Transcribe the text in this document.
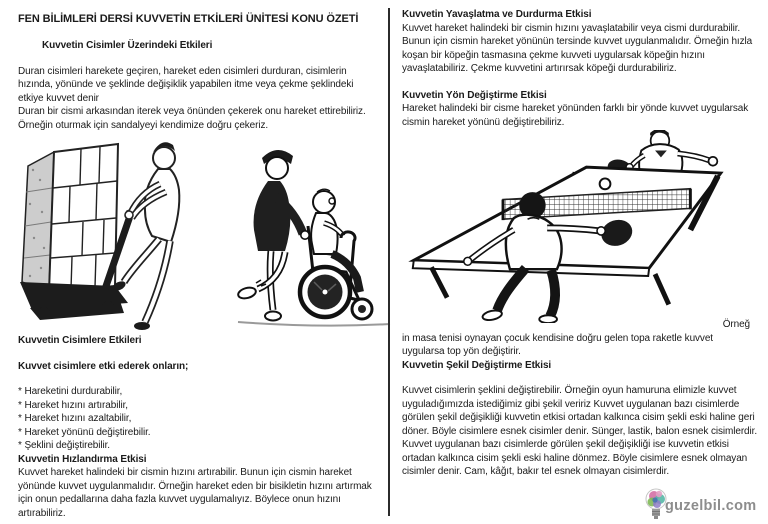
FEN BİLİMLERİ DERSİ KUVVETİN ETKİLERİ ÜNİTESİ KONU ÖZETİ

Kuvvetin Cisimler Üzerindeki Etkileri

Duran cisimleri harekete geçiren, hareket eden cisimleri durduran, cisimlerin hızında, yönünde ve şeklinde değişiklik yapabilen itme veya çekme şeklindeki etkiye kuvvet denir

Duran bir cismi arkasından iterek veya önünden çekerek onu hareket ettirebiliriz. Örneğin oturmak için sandalyeyi kendimize doğru çekeriz.

Kuvvetin Cisimlere Etkileri

Kuvvet cisimlere etki ederek onların;

* Hareketini durdurabilir,
* Hareket hızını artırabilir,
* Hareket hızını azaltabilir,
* Hareket yönünü değiştirebilir.
* Şeklini değiştirebilir.

Kuvvetin Hızlandırma Etkisi

Kuvvet hareket halindeki bir cismin hızını artırabilir. Bunun için cismin hareket yönünde kuvvet uygulanmalıdır. Örneğin hareket eden bir bisikletin hızını artırmak için onun pedallarına daha fazla kuvvet uygulamalıyız. Böylece onun hızını artırabiliriz.

Kuvvetin Yavaşlatma ve Durdurma Etkisi

Kuvvet hareket halindeki bir cismin hızını yavaşlatabilir veya cismi durdurabilir. Bunun için cismin hareket yönünün tersinde kuvvet uygulanmalıdır. Örneğin hızla koşan bir köpeğin tasmasına çekme kuvveti uygularsak köpeğin hızını yavaşlatabiliriz. Çekme kuvvetini artırırsak köpeği durdurabiliriz.

Kuvvetin Yön Değiştirme Etkisi

Hareket halindeki bir cisme hareket yönünden farklı bir yönde kuvvet uygularsak cismin hareket yönünü değiştirebiliriz.

Örneğ

in masa tenisi oynayan çocuk kendisine doğru gelen topa raketle kuvvet uygularsa top yön değiştirir.

Kuvvetin Şekil Değiştirme Etkisi

Kuvvet cisimlerin şeklini değiştirebilir. Örneğin oyun hamuruna elimizle kuvvet uyguladığımızda istediğimiz gibi şekil veririz Kuvvet uygulanan bazı cisimlerde görülen şekil değişikliği kuvvetin etkisi ortadan kalkınca cisim şekli eski haline geri döner. Böyle cisimlere esnek cisimler denir. Sünger, lastik, balon esnek cisimlerdir.

Kuvvet uygulanan bazı cisimlerde görülen şekil değişikliği ise kuvvetin etkisi ortadan kalkınca cisim şekli eski haline dönmez. Böyle cisimlere esnek olmayan cisimler denir. Cam, kâğıt, bakır tel esnek olmayan cisimlerdir.

guzelbil.com
